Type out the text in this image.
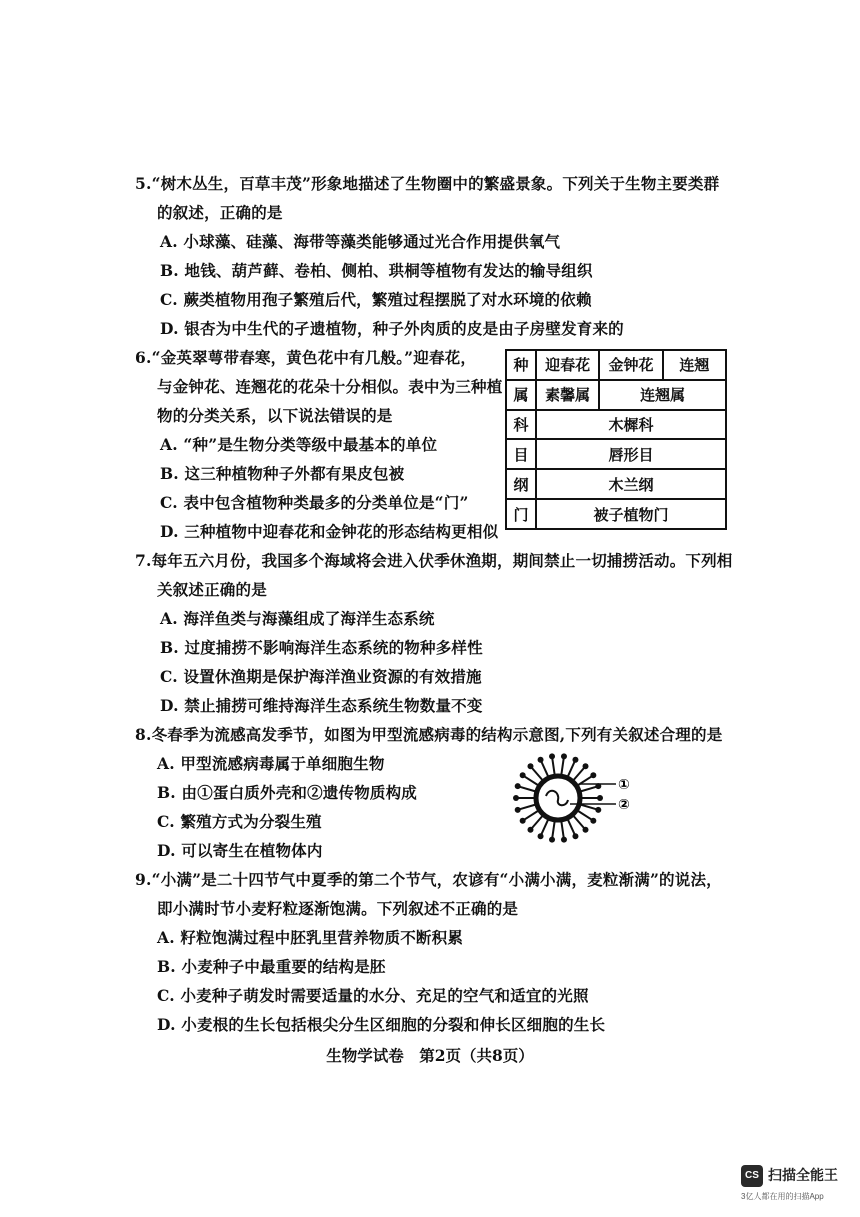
5.“树木丛生，百草丰茂”形象地描述了生物圈中的繁盛景象。下列关于生物主要类群
的叙述，正确的是
A. 小球藻、硅藻、海带等藻类能够通过光合作用提供氧气
B. 地钱、葫芦藓、卷柏、侧柏、珙桐等植物有发达的输导组织
C. 蕨类植物用孢子繁殖后代，繁殖过程摆脱了对水环境的依赖
D. 银杏为中生代的孑遗植物，种子外肉质的皮是由子房壁发育来的
6.“金英翠萼带春寒，黄色花中有几般。”迎春花，
与金钟花、连翘花的花朵十分相似。表中为三种植
物的分类关系，以下说法错误的是
A. “种”是生物分类等级中最基本的单位
B. 这三种植物种子外都有果皮包被
C. 表中包含植物种类最多的分类单位是“门”
D. 三种植物中迎春花和金钟花的形态结构更相似
种	迎春花	金钟花	连翘
属	素馨属	连翘属	
科	木樨科		
目	唇形目		
纲	木兰纲		
门	被子植物门		
7.每年五六月份，我国多个海域将会进入伏季休渔期，期间禁止一切捕捞活动。下列相
关叙述正确的是
A. 海洋鱼类与海藻组成了海洋生态系统
B. 过度捕捞不影响海洋生态系统的物种多样性
C. 设置休渔期是保护海洋渔业资源的有效措施
D. 禁止捕捞可维持海洋生态系统生物数量不变
8.冬春季为流感高发季节，如图为甲型流感病毒的结构示意图,下列有关叙述合理的是
A. 甲型流感病毒属于单细胞生物
B. 由①蛋白质外壳和②遗传物质构成
C. 繁殖方式为分裂生殖
D. 可以寄生在植物体内
①
②
9.“小满”是二十四节气中夏季的第二个节气，农谚有“小满小满，麦粒渐满”的说法，
即小满时节小麦籽粒逐渐饱满。下列叙述不正确的是
A. 籽粒饱满过程中胚乳里营养物质不断积累
B. 小麦种子中最重要的结构是胚
C. 小麦种子萌发时需要适量的水分、充足的空气和适宜的光照
D. 小麦根的生长包括根尖分生区细胞的分裂和伸长区细胞的生长
生物学试卷　第2页（共8页）
CS 扫描全能王
3亿人都在用的扫描App
